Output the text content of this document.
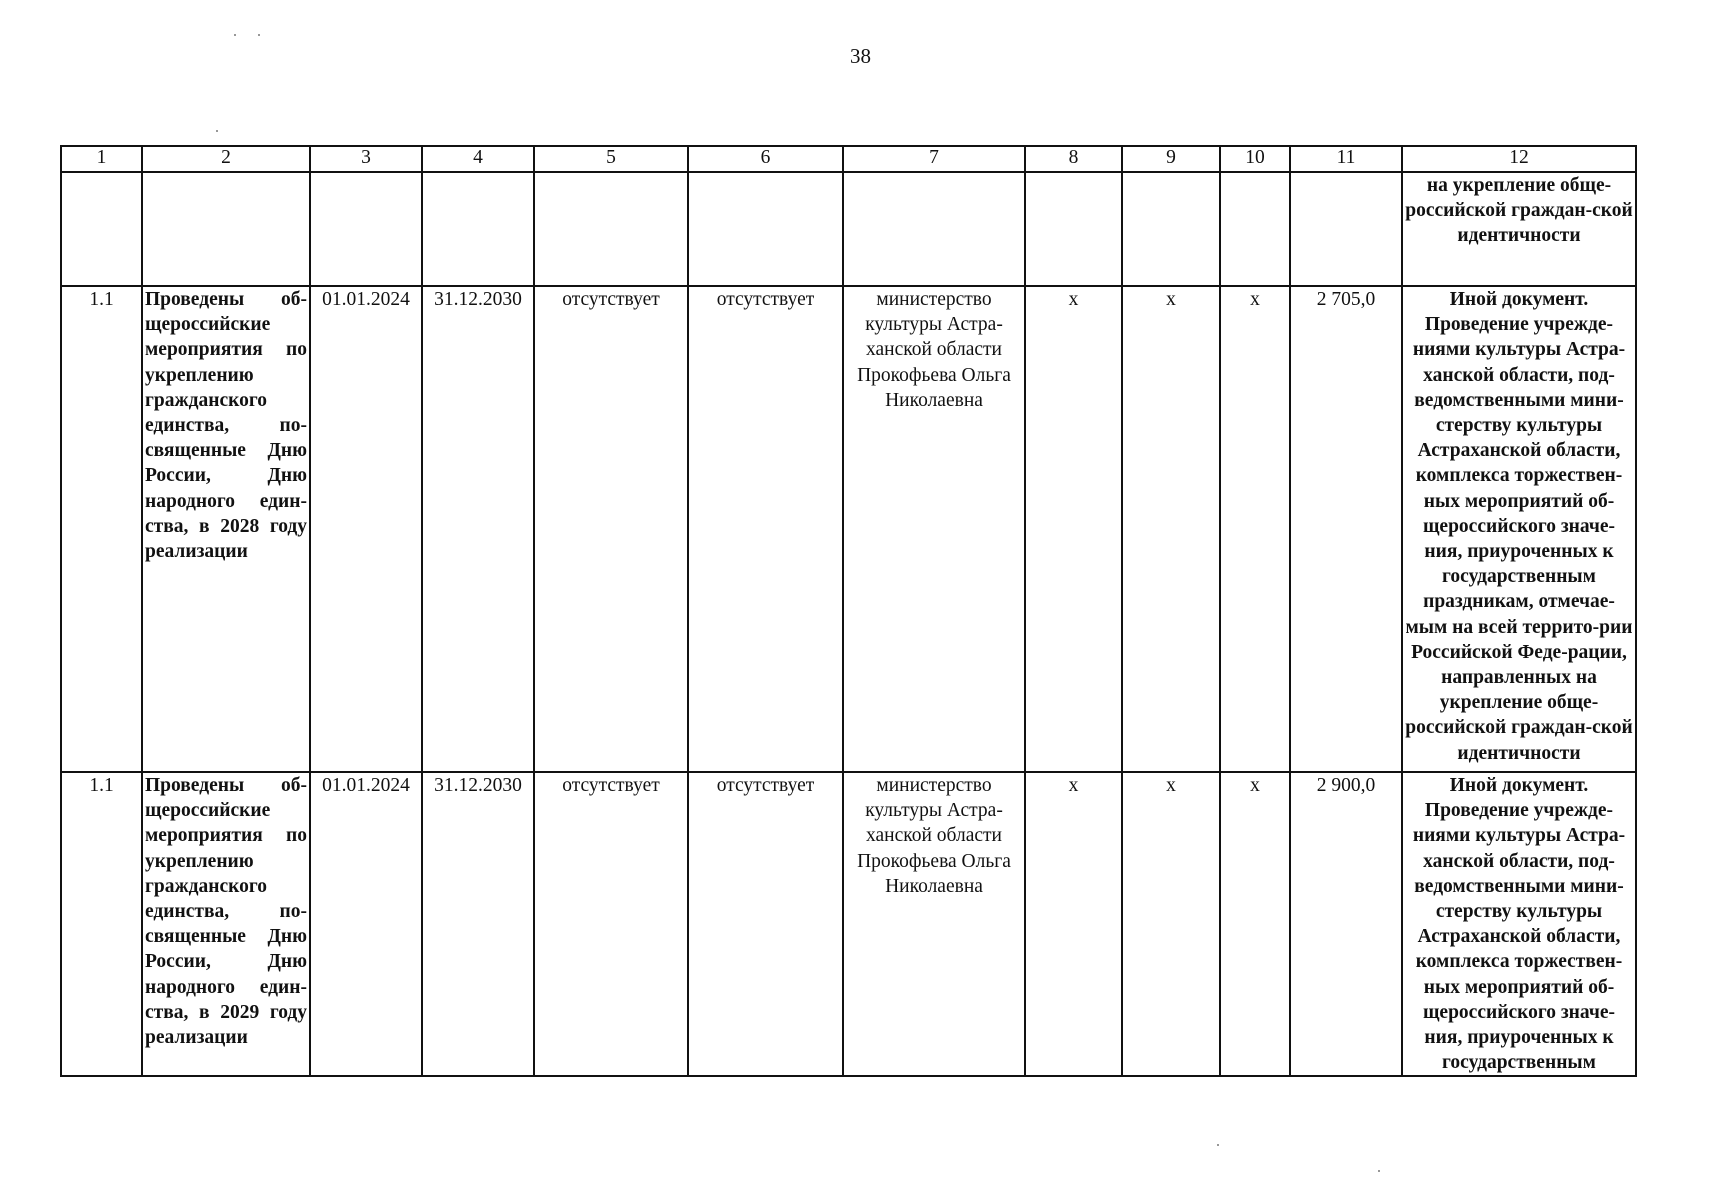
38
1	2	3	4	5	6	7	8	9	10	11	12
											на укрепление обще-российской граждан-ской идентичности
1.1	Проведены об-щероссийские мероприятия по укреплению гражданского единства, по-священные Дню России, Дню народного един-ства, в 2028 году реализации	01.01.2024	31.12.2030	отсутствует	отсутствует	министерство культуры Астра-ханской области Прокофьева Ольга Николаевна	x	x	x	2 705,0	Иной документ. Проведение учрежде-ниями культуры Астра-ханской области, под-ведомственными мини-стерству культуры Астраханской области, комплекса торжествен-ных мероприятий об-щероссийского значе-ния, приуроченных к государственным праздникам, отмечае-мым на всей террито-рии Российской Феде-рации, направленных на укрепление обще-российской граждан-ской идентичности
1.1	Проведены об-щероссийские мероприятия по укреплению гражданского единства, по-священные Дню России, Дню народного един-ства, в 2029 году реализации	01.01.2024	31.12.2030	отсутствует	отсутствует	министерство культуры Астра-ханской области Прокофьева Ольга Николаевна	x	x	x	2 900,0	Иной документ. Проведение учрежде-ниями культуры Астра-ханской области, под-ведомственными мини-стерству культуры Астраханской области, комплекса торжествен-ных мероприятий об-щероссийского значе-ния, приуроченных к государственным
